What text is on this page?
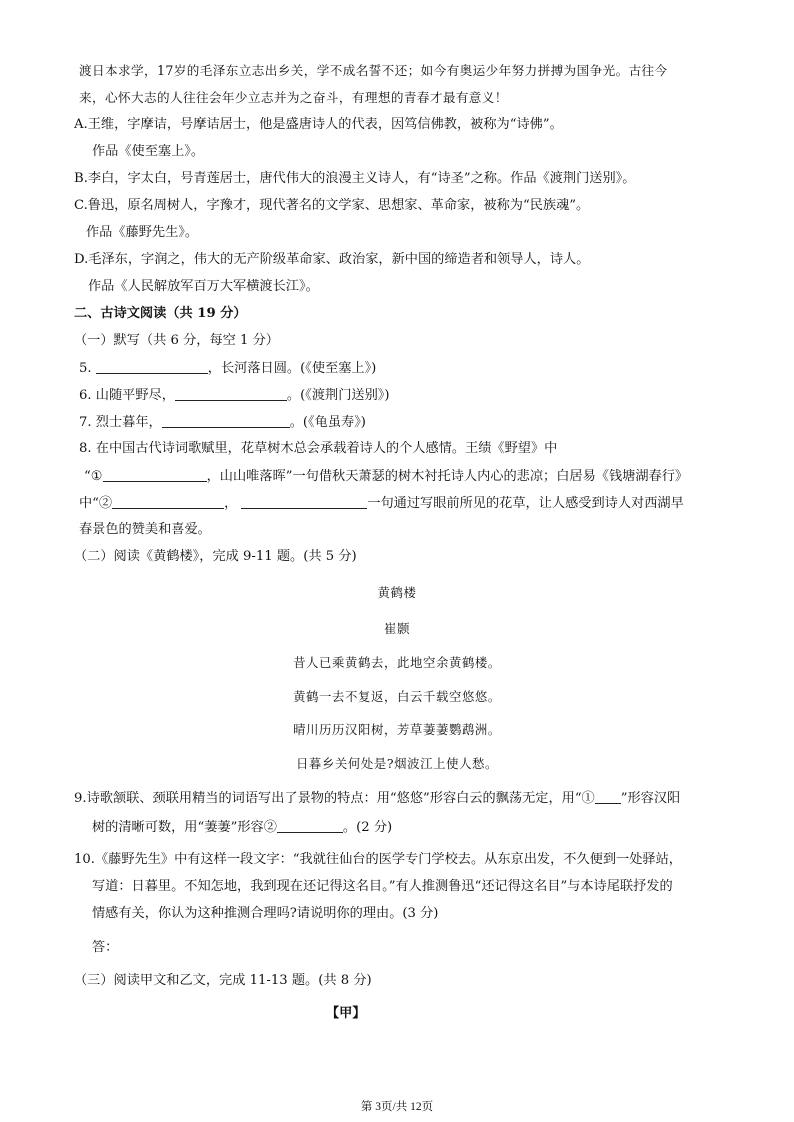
渡日本求学，17岁的毛泽东立志出乡关，学不成名誓不还；如今有奥运少年努力拼搏为国争光。古往今
来，心怀大志的人往往会年少立志并为之奋斗，有理想的青春才最有意义！
A.王维，字摩诘，号摩诘居士，他是盛唐诗人的代表，因笃信佛教，被称为“诗佛”。
作品《使至塞上》。
B.李白，字太白，号青莲居士，唐代伟大的浪漫主义诗人，有“诗圣”之称。作品《渡荆门送别》。
C.鲁迅，原名周树人，字豫才，现代著名的文学家、思想家、革命家，被称为“民族魂”。
作品《藤野先生》。
D.毛泽东，字润之，伟大的无产阶级革命家、政治家，新中国的缔造者和领导人，诗人。
作品《人民解放军百万大军横渡长江》。
二、古诗文阅读（共 19 分）
（一）默写（共 6 分，每空 1 分）
5.	，长河落日圆。(《使至塞上》)
6. 山随平野尽，	。(《渡荆门送别》)
7. 烈士暮年，	。(《龟虽寿》)
8. 在中国古代诗词歌赋里，花草树木总会承载着诗人的个人感情。王绩《野望》中
“①	，山山唯落晖”一句借秋天萧瑟的树木衬托诗人内心的悲凉；白居易《钱塘湖春行》
中“②	，	一句通过写眼前所见的花草，让人感受到诗人对西湖早
春景色的赞美和喜爱。
（二）阅读《黄鹤楼》，完成 9-11 题。(共 5 分)
黄鹤楼
崔颢
昔人已乘黄鹤去，此地空余黄鹤楼。
黄鹤一去不复返，白云千载空悠悠。
晴川历历汉阳树，芳草萋萋鹦鹉洲。
日暮乡关何处是?烟波江上使人愁。
9.诗歌颔联、颈联用精当的词语写出了景物的特点：用“悠悠”形容白云的飘荡无定，用“① ”形容汉阳
树的清晰可数，用“萋萋”形容②	。(2 分)
10.《藤野先生》中有这样一段文字：“我就往仙台的医学专门学校去。从东京出发，不久便到一处驿站，
写道：日暮里。不知怎地，我到现在还记得这名目。”有人推测鲁迅“还记得这名目”与本诗尾联抒发的
情感有关，你认为这种推测合理吗?请说明你的理由。(3 分)
答：
（三）阅读甲文和乙文，完成 11-13 题。(共 8 分)
【甲】
第 3页/共 12页
